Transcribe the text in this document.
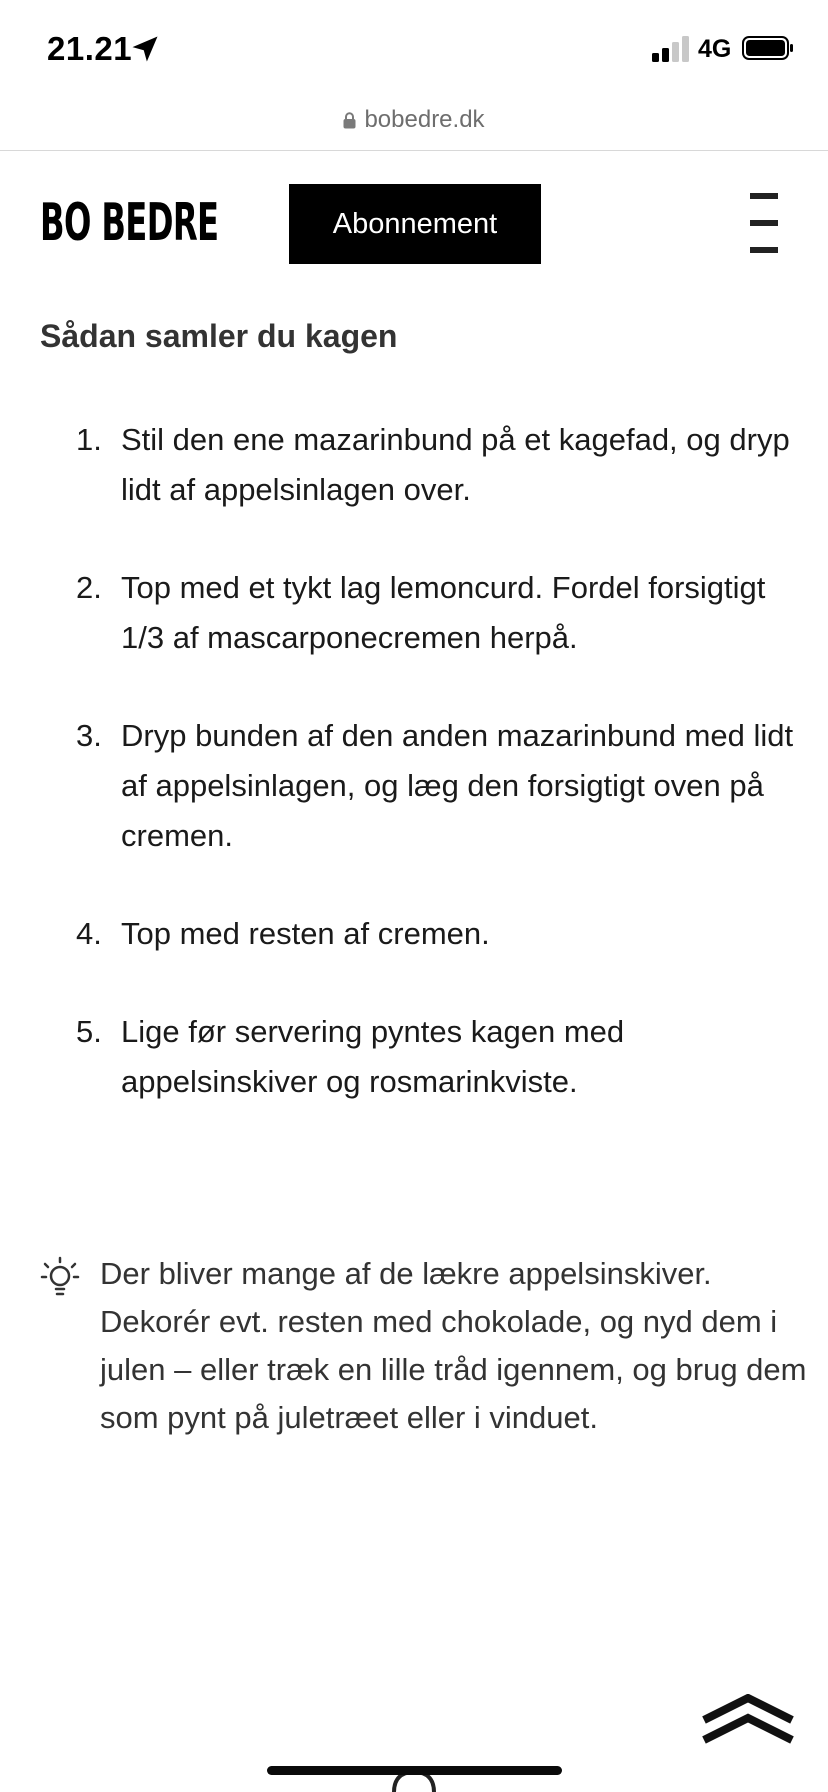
21.21	4G
bobedre.dk
BO BEDRE	Abonnement
Sådan samler du kagen
1. Stil den ene mazarinbund på et kagefad, og dryp lidt af appelsinlagen over.
2. Top med et tykt lag lemoncurd. Fordel forsigtigt 1/3 af mascarponecremen herpå.
3. Dryp bunden af den anden mazarinbund med lidt af appelsinlagen, og læg den forsigtigt oven på cremen.
4. Top med resten af cremen.
5. Lige før servering pyntes kagen med appelsinskiver og rosmarinkviste.
Der bliver mange af de lækre appelsinskiver. Dekorér evt. resten med chokolade, og nyd dem i julen – eller træk en lille tråd igennem, og brug dem som pynt på juletræet eller i vinduet.
